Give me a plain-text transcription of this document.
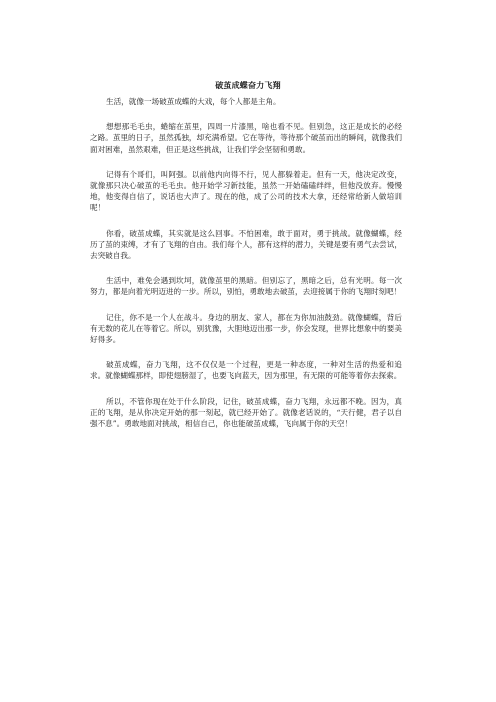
破茧成蝶奋力飞翔

生活，就像一场破茧成蝶的大戏，每个人都是主角。

想想那毛毛虫，蜷缩在茧里，四周一片漆黑，啥也看不见。但别急，这正是成长的必经之路。茧里的日子，虽然孤独，却充满希望。它在等待，等待那个破茧而出的瞬间，就像我们面对困难，虽然艰难，但正是这些挑战，让我们学会坚韧和勇敢。

记得有个哥们，叫阿强。以前他内向得不行，见人都躲着走。但有一天，他决定改变，就像那只决心破茧的毛毛虫。他开始学习新技能，虽然一开始磕磕绊绊，但他没放弃。慢慢地，他变得自信了，说话也大声了。现在的他，成了公司的技术大拿，还经常给新人做培训呢！

你看，破茧成蝶，其实就是这么回事。不怕困难，敢于面对，勇于挑战。就像蝴蝶，经历了茧的束缚，才有了飞翔的自由。我们每个人，都有这样的潜力，关键是要有勇气去尝试，去突破自我。

生活中，难免会遇到坎坷，就像茧里的黑暗。但别忘了，黑暗之后，总有光明。每一次努力，都是向着光明迈进的一步。所以，别怕，勇敢地去破茧，去迎接属于你的飞翔时刻吧！

记住，你不是一个人在战斗。身边的朋友、家人，都在为你加油鼓劲。就像蝴蝶，背后有无数的花儿在等着它。所以，别犹豫，大胆地迈出那一步，你会发现，世界比想象中的要美好得多。

破茧成蝶，奋力飞翔，这不仅仅是一个过程，更是一种态度，一种对生活的热爱和追求。就像蝴蝶那样，即使翅膀湿了，也要飞向蓝天，因为那里，有无限的可能等着你去探索。

所以，不管你现在处于什么阶段，记住，破茧成蝶，奋力飞翔，永远都不晚。因为，真正的飞翔，是从你决定开始的那一刻起，就已经开始了。就像老话说的，“天行健，君子以自强不息”。勇敢地面对挑战，相信自己，你也能破茧成蝶，飞向属于你的天空！
